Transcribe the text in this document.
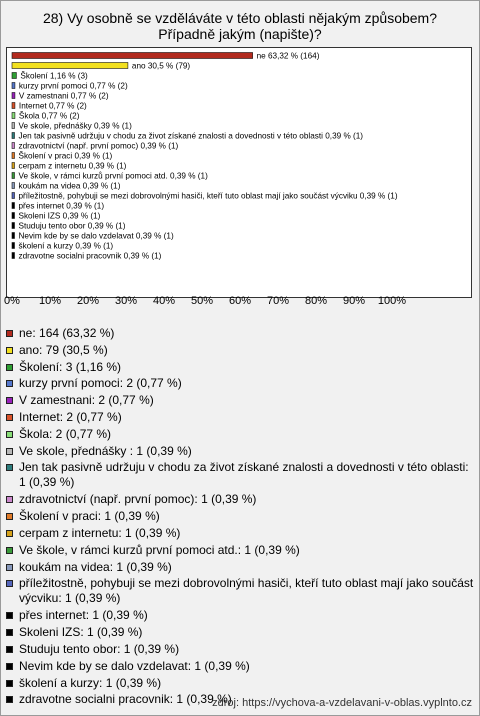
28) Vy osobně se vzděláváte v této oblasti nějakým způsobem?
Případně jakým (napište)?
ne 63,32 % (164)
ano 30,5 % (79)
Školení 1,16 % (3)
kurzy první pomoci 0,77 % (2)
V zamestnani 0,77 % (2)
Internet 0,77 % (2)
Škola 0,77 % (2)
Ve skole, přednášky 0,39 % (1)
Jen tak pasivně udržuju v chodu za život získané znalosti a dovednosti v této oblasti 0,39 % (1)
zdravotnictví (např. první pomoc) 0,39 % (1)
Školení v praci 0,39 % (1)
cerpam z internetu 0,39 % (1)
Ve škole, v rámci kurzů první pomoci atd. 0,39 % (1)
koukám na videa 0,39 % (1)
příležitostně, pohybuji se mezi dobrovolnými hasiči, kteří tuto oblast mají jako součást výcviku 0,39 % (1)
přes internet 0,39 % (1)
Skoleni IZS 0,39 % (1)
Studuju tento obor 0,39 % (1)
Nevim kde by se dalo vzdelavat 0,39 % (1)
školení a kurzy 0,39 % (1)
zdravotne socialni pracovnik 0,39 % (1)
0% 10% 20% 30% 40% 50% 60% 70% 80% 90% 100%
ne: 164 (63,32 %)
ano: 79 (30,5 %)
Školení: 3 (1,16 %)
kurzy první pomoci: 2 (0,77 %)
V zamestnani: 2 (0,77 %)
Internet: 2 (0,77 %)
Škola: 2 (0,77 %)
Ve skole, přednášky : 1 (0,39 %)
Jen tak pasivně udržuju v chodu za život získané znalosti a dovednosti v této oblasti: 1 (0,39 %)
zdravotnictví (např. první pomoc): 1 (0,39 %)
Školení v praci: 1 (0,39 %)
cerpam z internetu: 1 (0,39 %)
Ve škole, v rámci kurzů první pomoci atd.: 1 (0,39 %)
koukám na videa: 1 (0,39 %)
příležitostně, pohybuji se mezi dobrovolnými hasiči, kteří tuto oblast mají jako součást výcviku: 1 (0,39 %)
přes internet: 1 (0,39 %)
Skoleni IZS: 1 (0,39 %)
Studuju tento obor: 1 (0,39 %)
Nevim kde by se dalo vzdelavat: 1 (0,39 %)
školení a kurzy: 1 (0,39 %)
zdravotne socialni pracovnik: 1 (0,39 %)
zdroj: https://vychova-a-vzdelavani-v-oblas.vyplnto.cz
